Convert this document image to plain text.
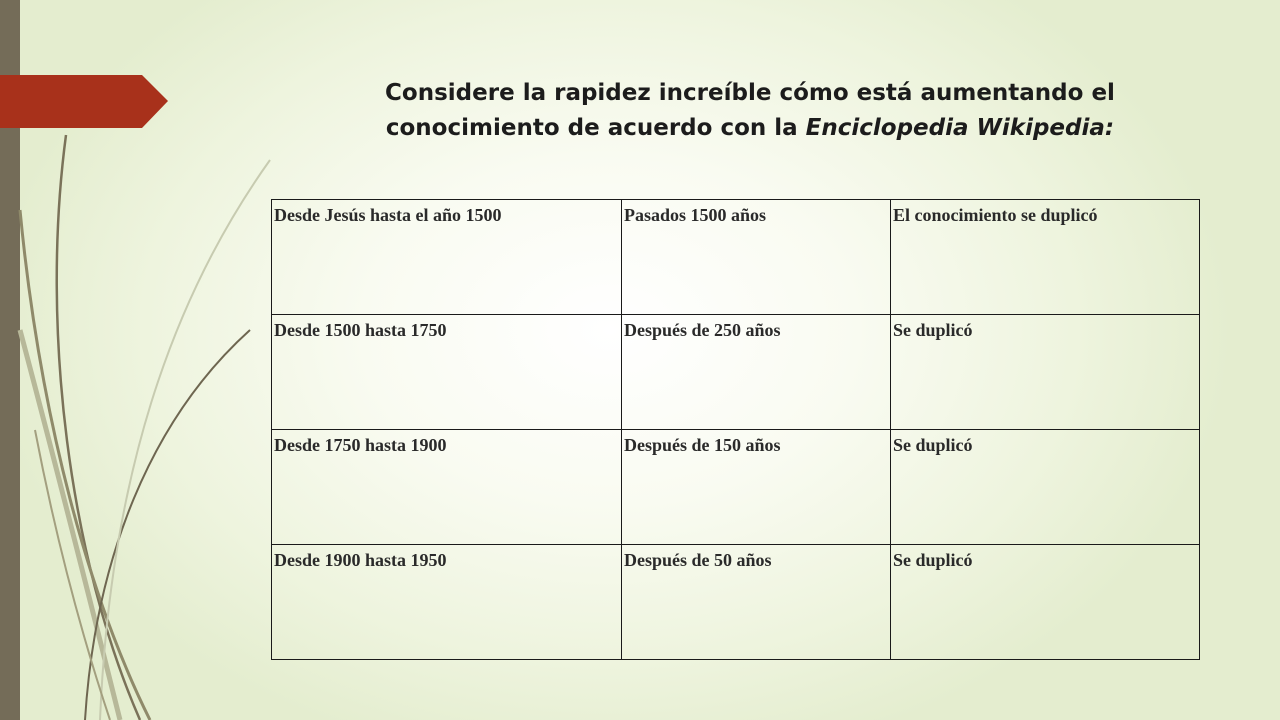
Considere la rapidez increíble cómo está aumentando el
conocimiento de acuerdo con la Enciclopedia Wikipedia:
Desde Jesús hasta el año 1500	Pasados 1500 años	El conocimiento se duplicó
Desde 1500 hasta 1750	Después de 250 años	Se duplicó
Desde 1750 hasta 1900	Después de 150 años	Se duplicó
Desde 1900 hasta 1950	Después de 50 años	Se duplicó
